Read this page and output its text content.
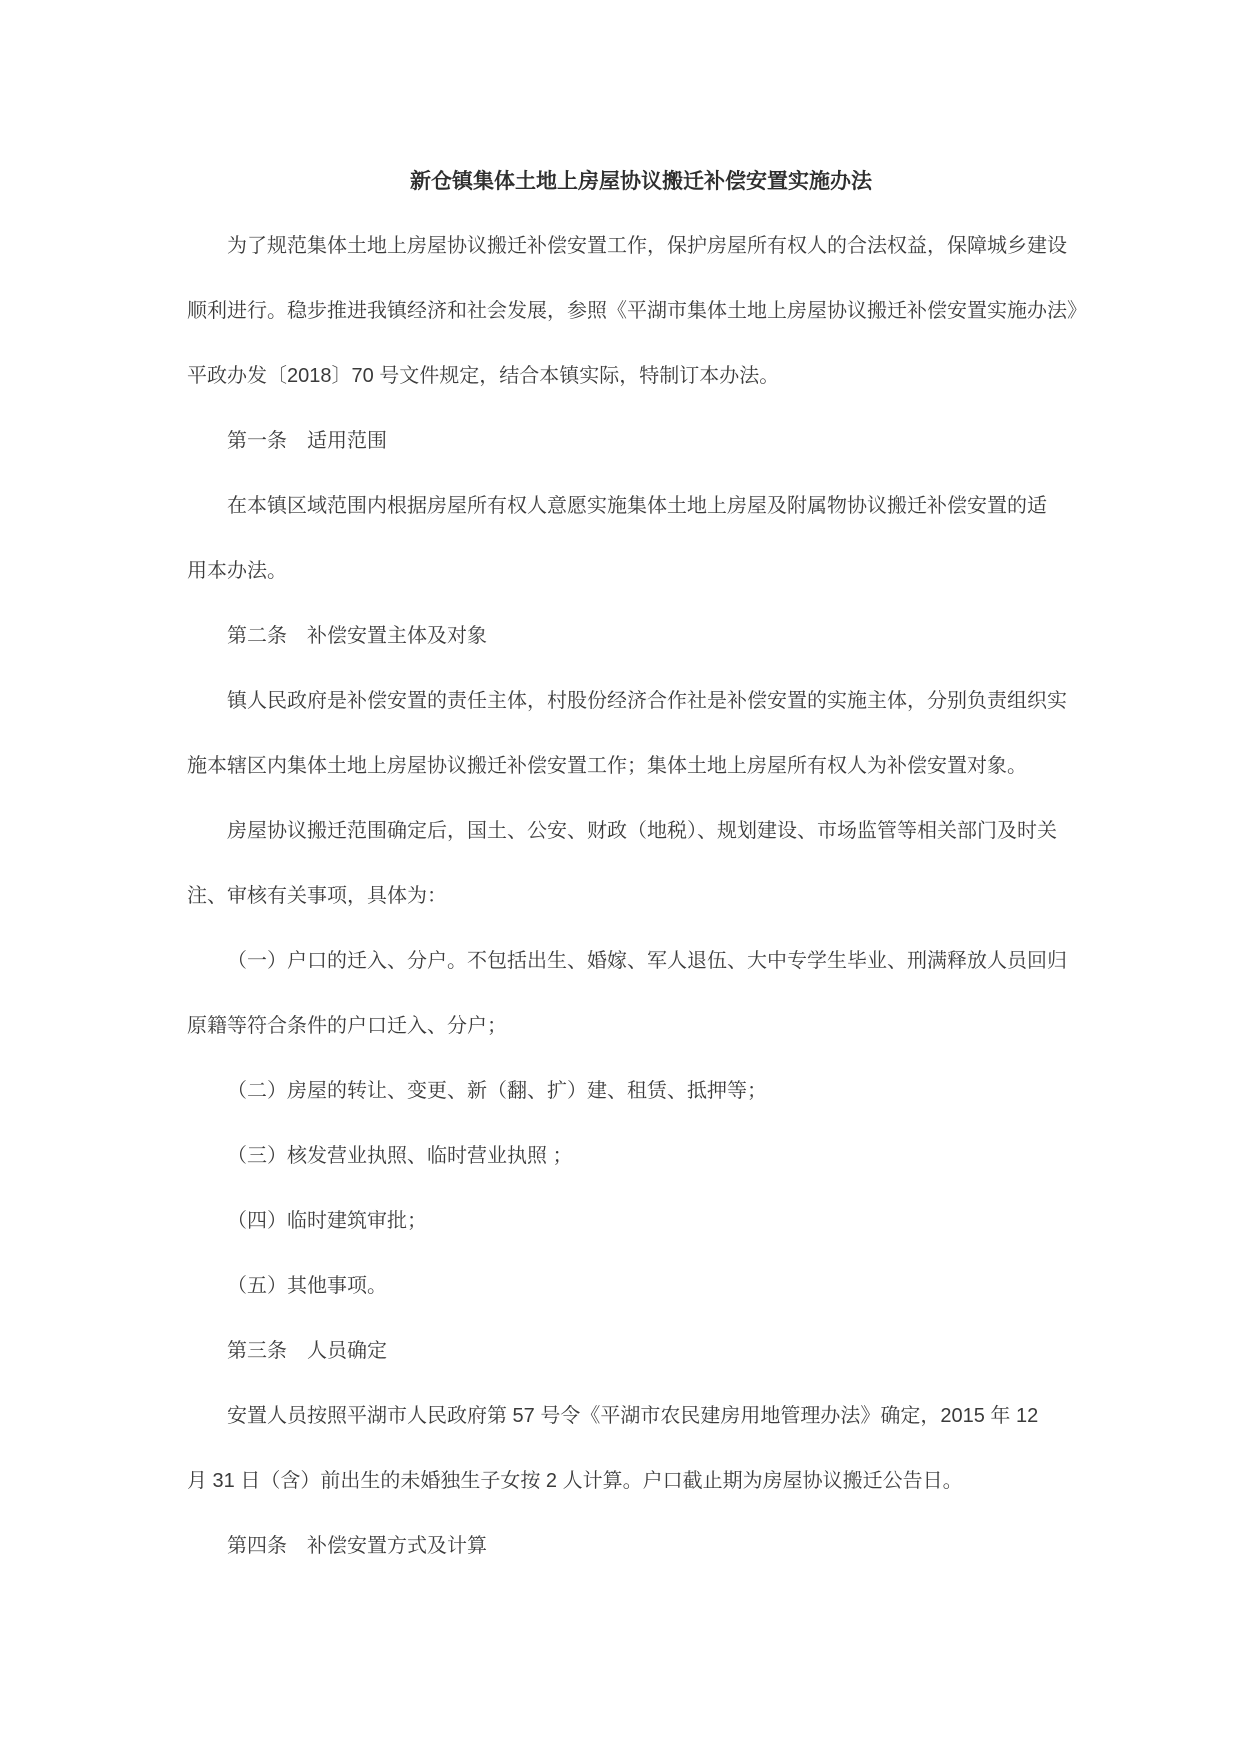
新仓镇集体土地上房屋协议搬迁补偿安置实施办法
为了规范集体土地上房屋协议搬迁补偿安置工作，保护房屋所有权人的合法权益，保障城乡建设
顺利进行。稳步推进我镇经济和社会发展，参照《平湖市集体土地上房屋协议搬迁补偿安置实施办法》
平政办发〔2018〕70 号文件规定，结合本镇实际，特制订本办法。
第一条　适用范围
在本镇区域范围内根据房屋所有权人意愿实施集体土地上房屋及附属物协议搬迁补偿安置的适
用本办法。
第二条　补偿安置主体及对象
镇人民政府是补偿安置的责任主体，村股份经济合作社是补偿安置的实施主体，分别负责组织实
施本辖区内集体土地上房屋协议搬迁补偿安置工作；集体土地上房屋所有权人为补偿安置对象。
房屋协议搬迁范围确定后，国土、公安、财政（地税）、规划建设、市场监管等相关部门及时关
注、审核有关事项，具体为：
（一）户口的迁入、分户。不包括出生、婚嫁、军人退伍、大中专学生毕业、刑满释放人员回归
原籍等符合条件的户口迁入、分户；
（二）房屋的转让、变更、新（翻、扩）建、租赁、抵押等；
（三）核发营业执照、临时营业执照 ；
（四）临时建筑审批；
（五）其他事项。
第三条　人员确定
安置人员按照平湖市人民政府第 57 号令《平湖市农民建房用地管理办法》确定，2015 年 12
月 31 日（含）前出生的未婚独生子女按 2 人计算。户口截止期为房屋协议搬迁公告日。
第四条　补偿安置方式及计算
